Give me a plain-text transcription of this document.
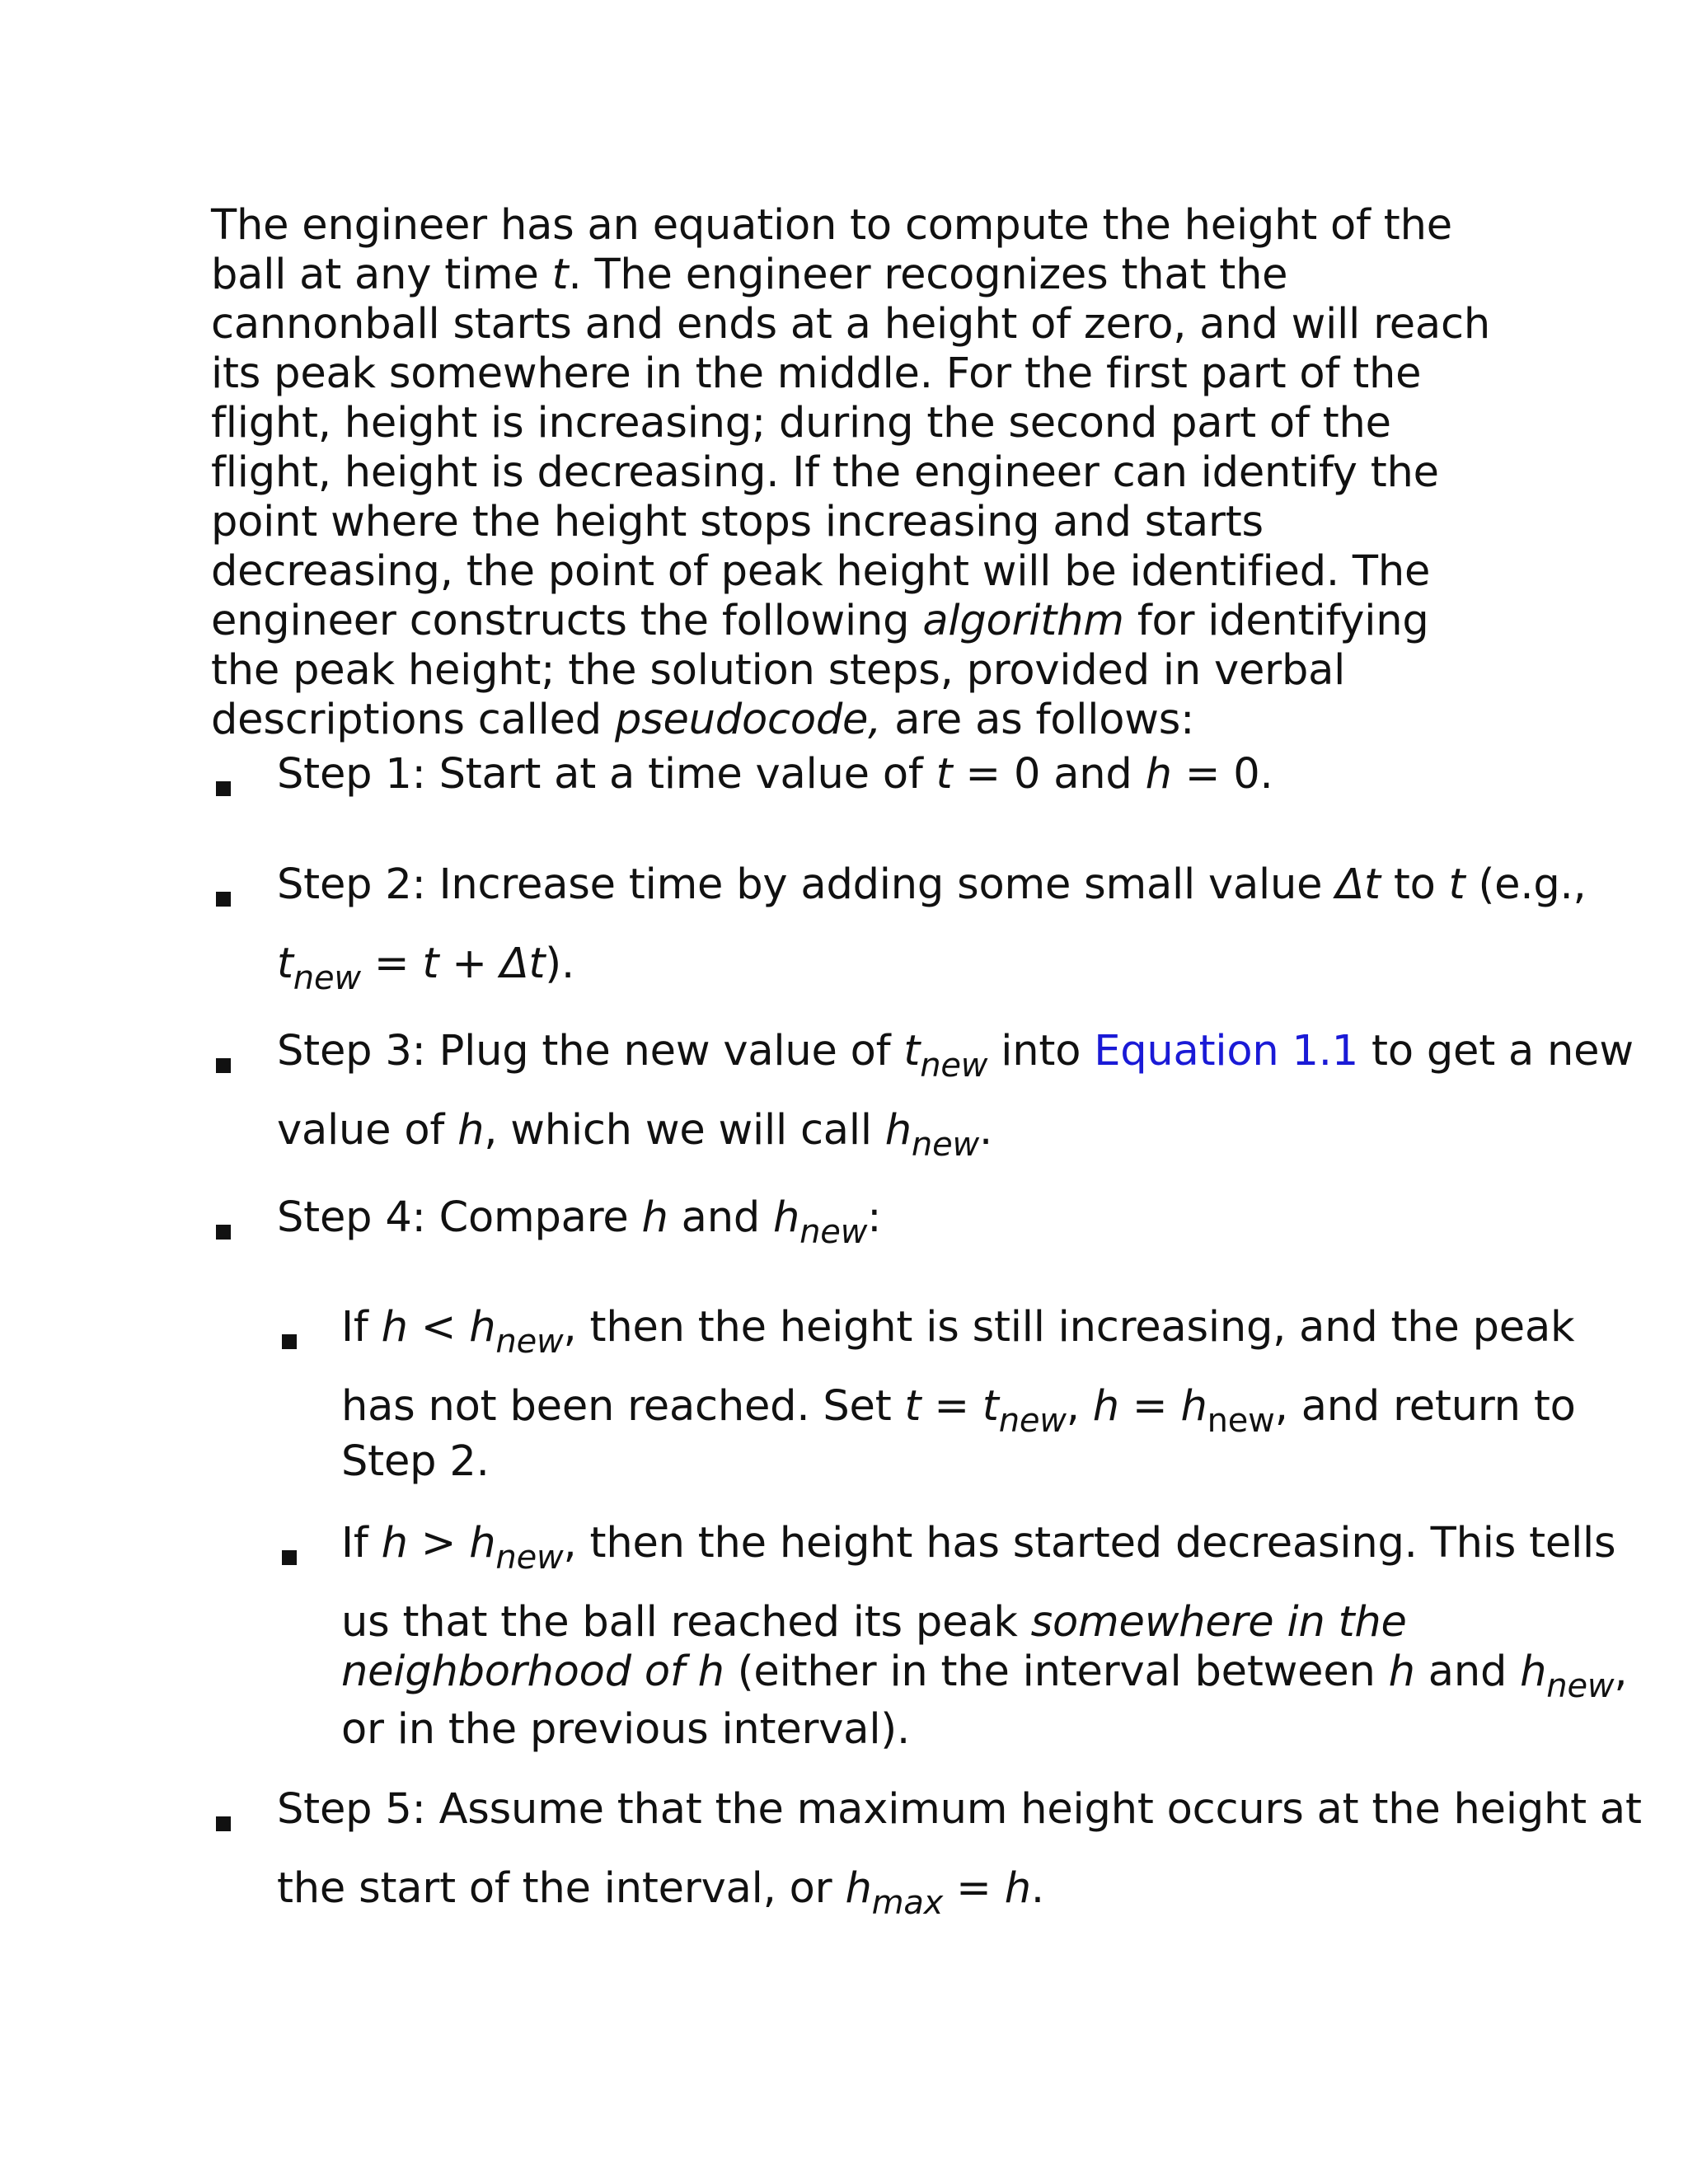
The engineer has an equation to compute the height of the ball at any time t. The engineer recognizes that the cannonball starts and ends at a height of zero, and will reach its peak somewhere in the middle. For the first part of the flight, height is increasing; during the second part of the flight, height is decreasing. If the engineer can identify the point where the height stops increasing and starts decreasing, the point of peak height will be identified. The engineer constructs the following algorithm for identifying the peak height; the solution steps, provided in verbal descriptions called pseudocode, are as follows:
Step 1: Start at a time value of t = 0 and h = 0.
Step 2: Increase time by adding some small value Δt to t (e.g.,
$t_{new} = t + \Delta t$).
Step 3: Plug the new value of $t_{new}$ into Equation 1.1 to get a new
value of h, which we will call $h_{new}$.
Step 4: Compare h and $h_{new}$:
If $h < h_{new}$, then the height is still increasing, and the peak
has not been reached. Set $t = t_{new}$, $h = h_{new}$, and return to
Step 2.
If $h > h_{new}$, then the height has started decreasing. This tells
us that the ball reached its peak somewhere in the
neighborhood of h (either in the interval between h and $h_{new}$,
or in the previous interval).
Step 5: Assume that the maximum height occurs at the height at
the start of the interval, or $h_{max} = h$.
